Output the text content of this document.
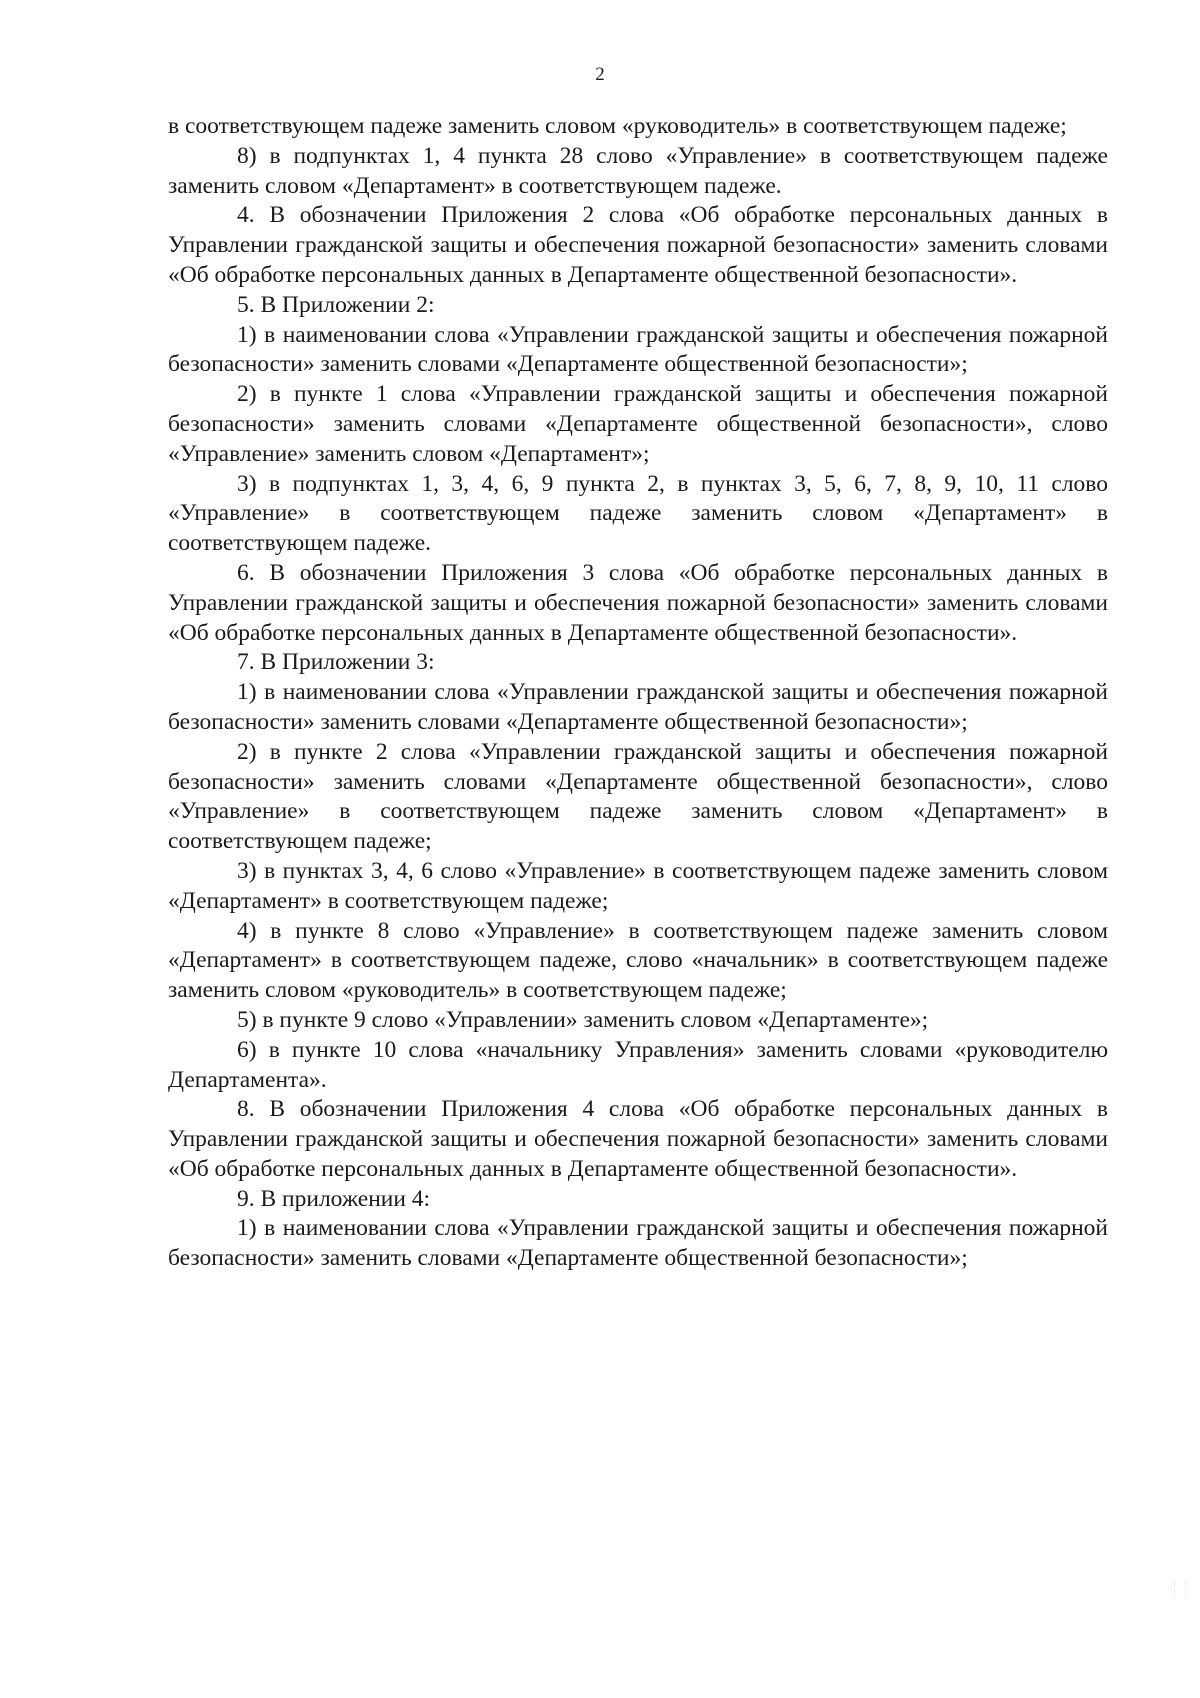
2

в соответствующем падеже заменить словом «руководитель» в соответствующем падеже;

8) в подпунктах 1, 4 пункта 28 слово «Управление» в соответствующем падеже заменить словом «Департамент» в соответствующем падеже.

4. В обозначении Приложения 2 слова «Об обработке персональных данных в Управлении гражданской защиты и обеспечения пожарной безопасности» заменить словами «Об обработке персональных данных в Департаменте общественной безопасности».

5. В Приложении 2:

1) в наименовании слова «Управлении гражданской защиты и обеспечения пожарной безопасности» заменить словами «Департаменте общественной безопасности»;

2) в пункте 1 слова «Управлении гражданской защиты и обеспечения пожарной безопасности» заменить словами «Департаменте общественной безопасности», слово «Управление» заменить словом «Департамент»;

3) в подпунктах 1, 3, 4, 6, 9 пункта 2, в пунктах 3, 5, 6, 7, 8, 9, 10, 11 слово «Управление» в соответствующем падеже заменить словом «Департамент» в соответствующем падеже.

6. В обозначении Приложения 3 слова «Об обработке персональных данных в Управлении гражданской защиты и обеспечения пожарной безопасности» заменить словами «Об обработке персональных данных в Департаменте общественной безопасности».

7. В Приложении 3:

1) в наименовании слова «Управлении гражданской защиты и обеспечения пожарной безопасности» заменить словами «Департаменте общественной безопасности»;

2) в пункте 2 слова «Управлении гражданской защиты и обеспечения пожарной безопасности» заменить словами «Департаменте общественной безопасности», слово «Управление» в соответствующем падеже заменить словом «Департамент» в соответствующем падеже;

3) в пунктах 3, 4, 6 слово «Управление» в соответствующем падеже заменить словом «Департамент» в соответствующем падеже;

4) в пункте 8 слово «Управление» в соответствующем падеже заменить словом «Департамент» в соответствующем падеже, слово «начальник» в соответствующем падеже заменить словом «руководитель» в соответствующем падеже;

5) в пункте 9 слово «Управлении» заменить словом «Департаменте»;

6) в пункте 10 слова «начальнику Управления» заменить словами «руководителю Департамента».

8. В обозначении Приложения 4 слова «Об обработке персональных данных в Управлении гражданской защиты и обеспечения пожарной безопасности» заменить словами «Об обработке персональных данных в Департаменте общественной безопасности».

9. В приложении 4:

1) в наименовании слова «Управлении гражданской защиты и обеспечения пожарной безопасности» заменить словами «Департаменте общественной безопасности»;
